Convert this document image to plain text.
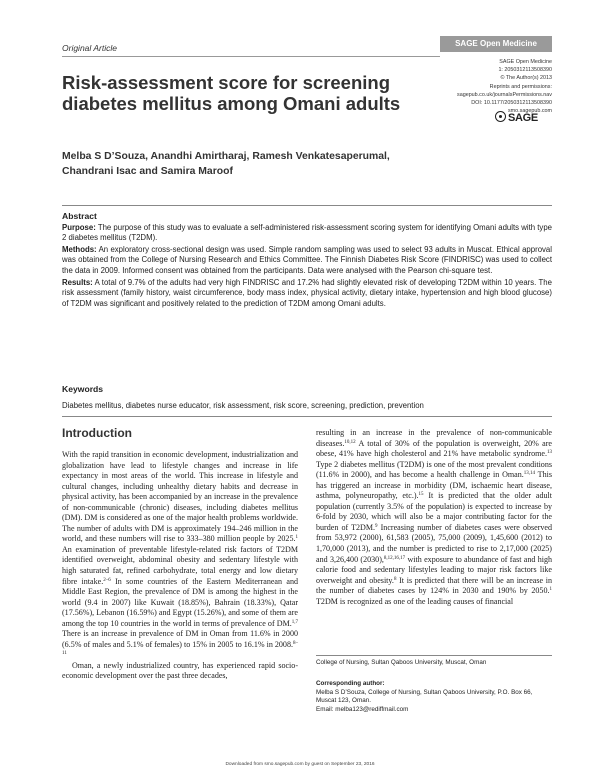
Original Article	SAGE Open Medicine
SAGE Open Medicine
1: 2050312113508390
© The Author(s) 2013
Reprints and permissions:
sagepub.co.uk/journalsPermissions.nav
DOI: 10.1177/2050312113508390
smo.sagepub.com
SAGE
Risk-assessment score for screening diabetes mellitus among Omani adults
Melba S D’Souza, Anandhi Amirtharaj, Ramesh Venkatesaperumal,
Chandrani Isac and Samira Maroof
Abstract

Purpose: The purpose of this study was to evaluate a self-administered risk-assessment scoring system for identifying Omani adults with type 2 diabetes mellitus (T2DM).

Methods: An exploratory cross-sectional design was used. Simple random sampling was used to select 93 adults in Muscat. Ethical approval was obtained from the College of Nursing Research and Ethics Committee. The Finnish Diabetes Risk Score (FINDRISC) was used to collect the data in 2009. Informed consent was obtained from the participants. Data were analysed with the Pearson chi-square test.

Results: A total of 9.7% of the adults had very high FINDRISC and 17.2% had slightly elevated risk of developing T2DM within 10 years. The risk assessment (family history, waist circumference, body mass index, physical activity, dietary intake, hypertension and high blood glucose) of T2DM was significant and positively related to the prediction of T2DM among Omani adults.

Keywords
Diabetes mellitus, diabetes nurse educator, risk assessment, risk score, screening, prediction, prevention
Introduction

With the rapid transition in economic development, industrialization and globalization have lead to lifestyle changes and increase in life expectancy in most areas of the world. This increase in lifestyle and cultural changes, including unhealthy dietary habits and decrease in physical activity, has been accompanied by an increase in the prevalence of non-communicable (chronic) diseases, including diabetes mellitus (DM). DM is considered as one of the major health problems worldwide. The number of adults with DM is approximately 194–246 million in the world, and these numbers will rise to 333–380 million people by 2025.$^1$ An examination of preventable lifestyle-related risk factors of T2DM identified overweight, abdominal obesity and sedentary lifestyle with high saturated fat, refined carbohydrate, total energy and low dietary fibre intake.$^{2-6}$ In some countries of the Eastern Mediterranean and Middle East Region, the prevalence of DM is among the highest in the world (9.4 in 2007) like Kuwait (18.85%), Bahrain (18.33%), Qatar (17.56%), Lebanon (16.59%) and Egypt (15.26%), and some of them are among the top 10 countries in the world in terms of prevalence of DM.$^{1,7}$ There is an increase in prevalence of DM in Oman from 11.6% in 2000 (6.5% of males and 5.1% of females) to 15% in 2005 to 16.1% in 2008.$^{8-11}$

Oman, a newly industrialized country, has experienced rapid socio-economic development over the past three decades,

resulting in an increase in the prevalence of non-communicable diseases.$^{10,12}$ A total of 30% of the population is overweight, 20% are obese, 41% have high cholesterol and 21% have metabolic syndrome.$^{13}$ Type 2 diabetes mellitus (T2DM) is one of the most prevalent conditions (11.6% in 2000), and has become a health challenge in Oman.$^{13,14}$ This has triggered an increase in morbidity (DM, ischaemic heart disease, asthma, polyneuropathy, etc.).$^{15}$ It is predicted that the older adult population (currently 3.5% of the population) is expected to increase by 6-fold by 2030, which will also be a major contributing factor for the burden of T2DM.$^9$ Increasing number of diabetes cases were observed from 53,972 (2000), 61,583 (2005), 75,000 (2009), 1,45,600 (2012) to 1,70,000 (2013), and the number is predicted to rise to 2,17,000 (2025) and 3,26,400 (2030),$^{8,12,16,17}$ with exposure to abundance of fast and high calorie food and sedentary lifestyles leading to major risk factors like overweight and obesity.$^8$ It is predicted that there will be an increase in the number of diabetes cases by 124% in 2030 and 190% by 2050.$^1$ T2DM is recognized as one of the leading causes of financial

College of Nursing, Sultan Qaboos University, Muscat, Oman
Corresponding author:
Melba S D’Souza, College of Nursing, Sultan Qaboos University, P.O. Box 66, Muscat 123, Oman.
Email: melba123@rediffmail.com
Downloaded from smo.sagepub.com by guest on September 23, 2016
